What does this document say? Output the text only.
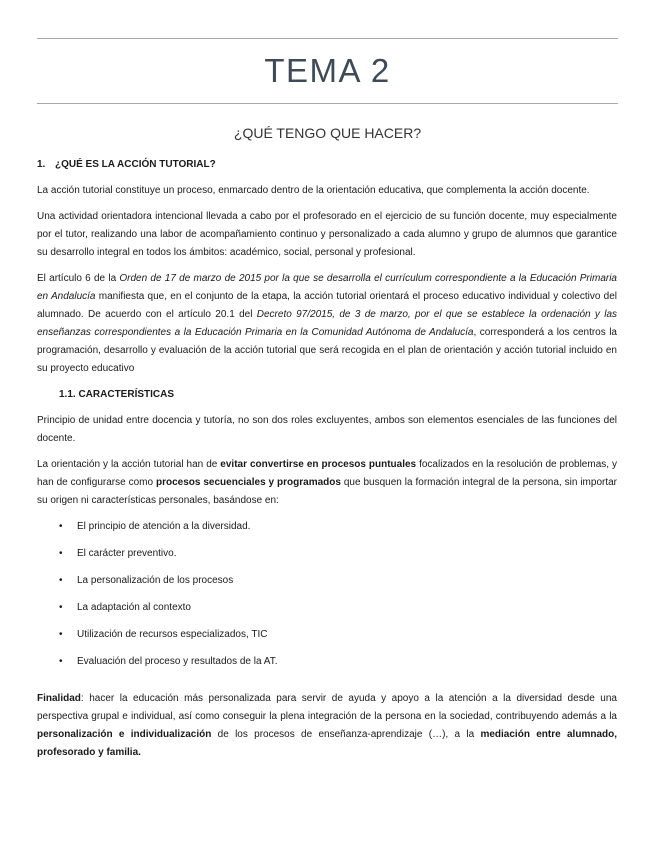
TEMA 2
¿QUÉ TENGO QUE HACER?
1. ¿QUÉ ES LA ACCIÓN TUTORIAL?

La acción tutorial constituye un proceso, enmarcado dentro de la orientación educativa, que complementa la acción docente.

Una actividad orientadora intencional llevada a cabo por el profesorado en el ejercicio de su función docente, muy especialmente por el tutor, realizando una labor de acompañamiento continuo y personalizado a cada alumno y grupo de alumnos que garantice su desarrollo integral en todos los ámbitos: académico, social, personal y profesional.

El artículo 6 de la Orden de 17 de marzo de 2015 por la que se desarrolla el currículum correspondiente a la Educación Primaria en Andalucía manifiesta que, en el conjunto de la etapa, la acción tutorial orientará el proceso educativo individual y colectivo del alumnado. De acuerdo con el artículo 20.1 del Decreto 97/2015, de 3 de marzo, por el que se establece la ordenación y las enseñanzas correspondientes a la Educación Primaria en la Comunidad Autónoma de Andalucía, corresponderá a los centros la programación, desarrollo y evaluación de la acción tutorial que será recogida en el plan de orientación y acción tutorial incluido en su proyecto educativo

1.1. CARACTERÍSTICAS

Principio de unidad entre docencia y tutoría, no son dos roles excluyentes, ambos son elementos esenciales de las funciones del docente.

La orientación y la acción tutorial han de evitar convertirse en procesos puntuales focalizados en la resolución de problemas, y han de configurarse como procesos secuenciales y programados que busquen la formación integral de la persona, sin importar su origen ni características personales, basándose en:

• El principio de atención a la diversidad.
• El carácter preventivo.
• La personalización de los procesos
• La adaptación al contexto
• Utilización de recursos especializados, TIC
• Evaluación del proceso y resultados de la AT.

Finalidad: hacer la educación más personalizada para servir de ayuda y apoyo a la atención a la diversidad desde una perspectiva grupal e individual, así como conseguir la plena integración de la persona en la sociedad, contribuyendo además a la personalización e individualización de los procesos de enseñanza-aprendizaje (…), a la mediación entre alumnado, profesorado y familia.
